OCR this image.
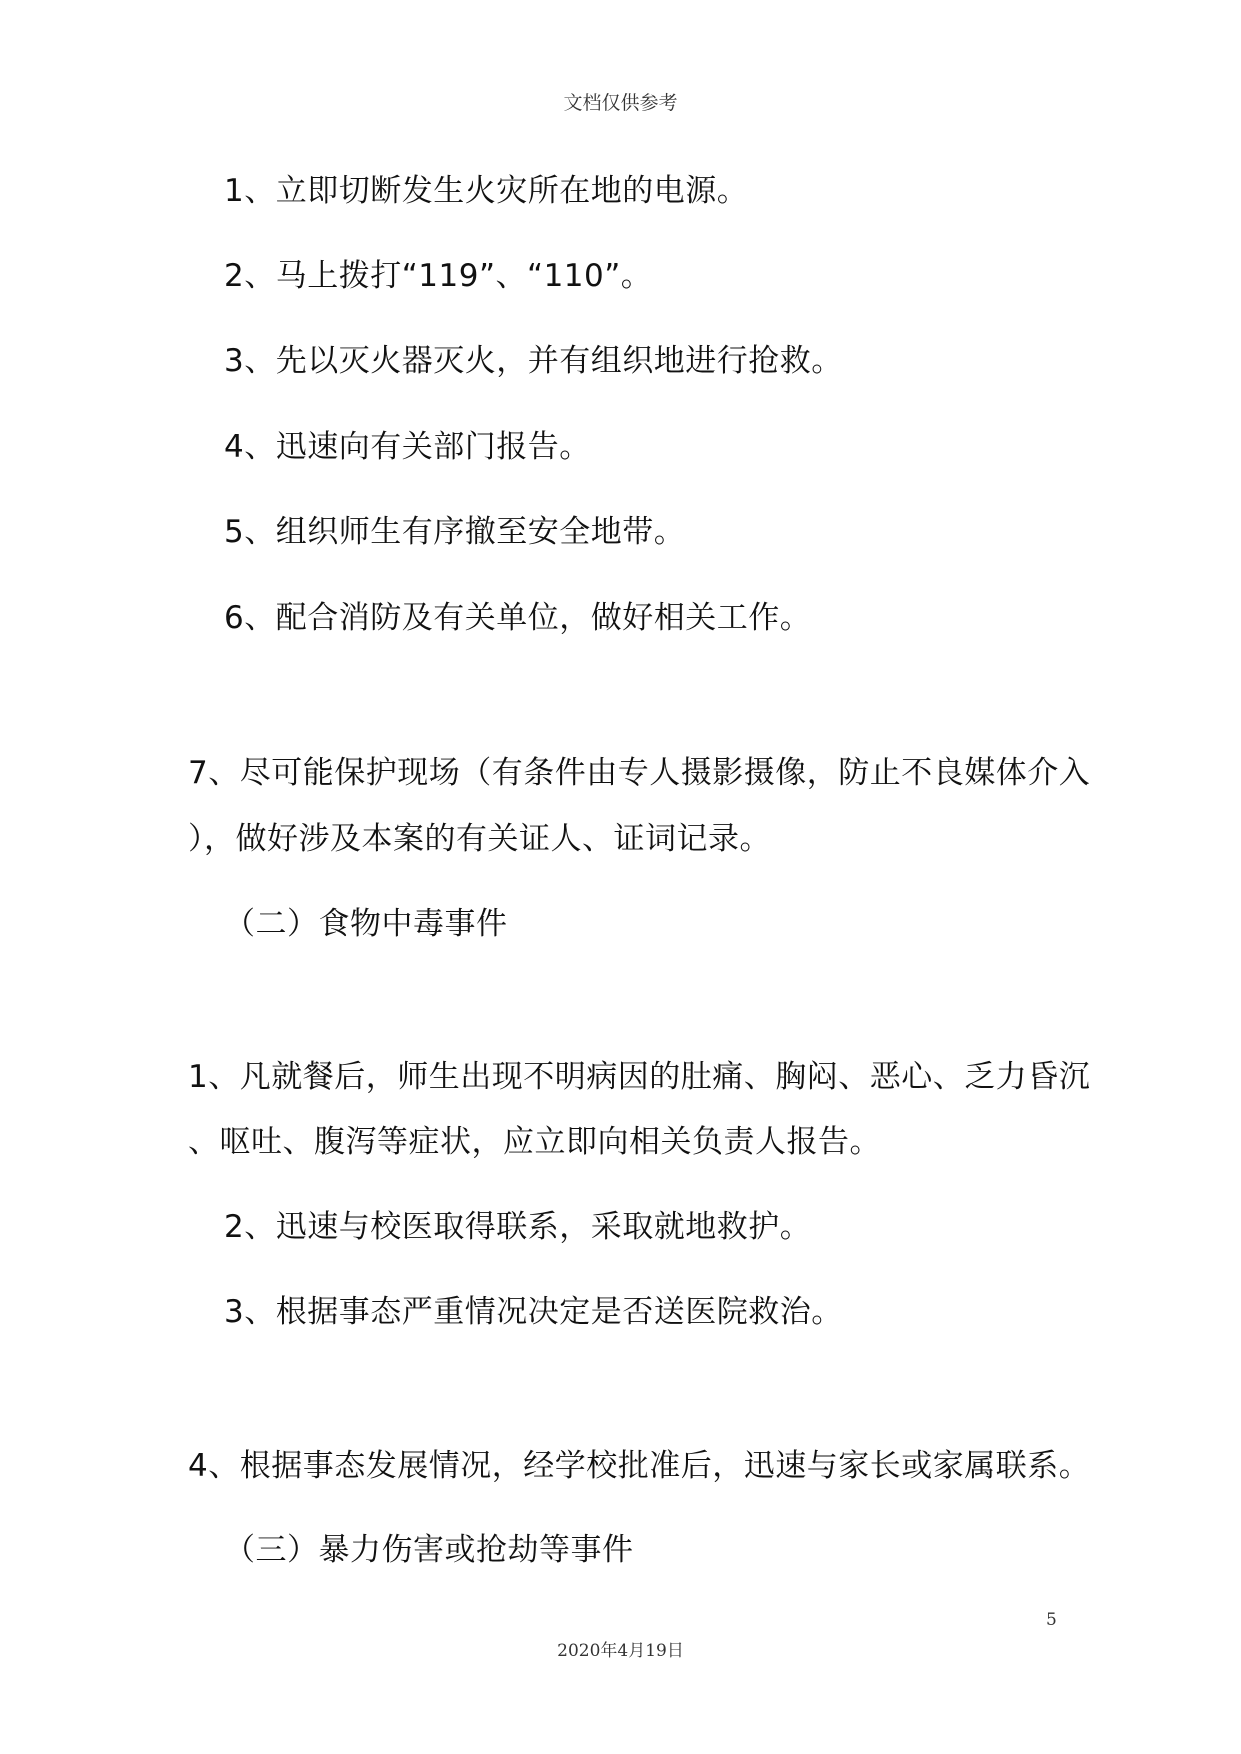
文档仅供参考
1、立即切断发生火灾所在地的电源。
2、马上拨打“119”、“110”。
3、先以灭火器灭火，并有组织地进行抢救。
4、迅速向有关部门报告。
5、组织师生有序撤至安全地带。
6、配合消防及有关单位，做好相关工作。
7、尽可能保护现场（有条件由专人摄影摄像，防止不良媒体介入
），做好涉及本案的有关证人、证词记录。
（二）食物中毒事件
1、凡就餐后，师生出现不明病因的肚痛、胸闷、恶心、乏力昏沉
、呕吐、腹泻等症状，应立即向相关负责人报告。
2、迅速与校医取得联系，采取就地救护。
3、根据事态严重情况决定是否送医院救治。
4、根据事态发展情况，经学校批准后，迅速与家长或家属联系。
（三）暴力伤害或抢劫等事件
5
2020年4月19日
